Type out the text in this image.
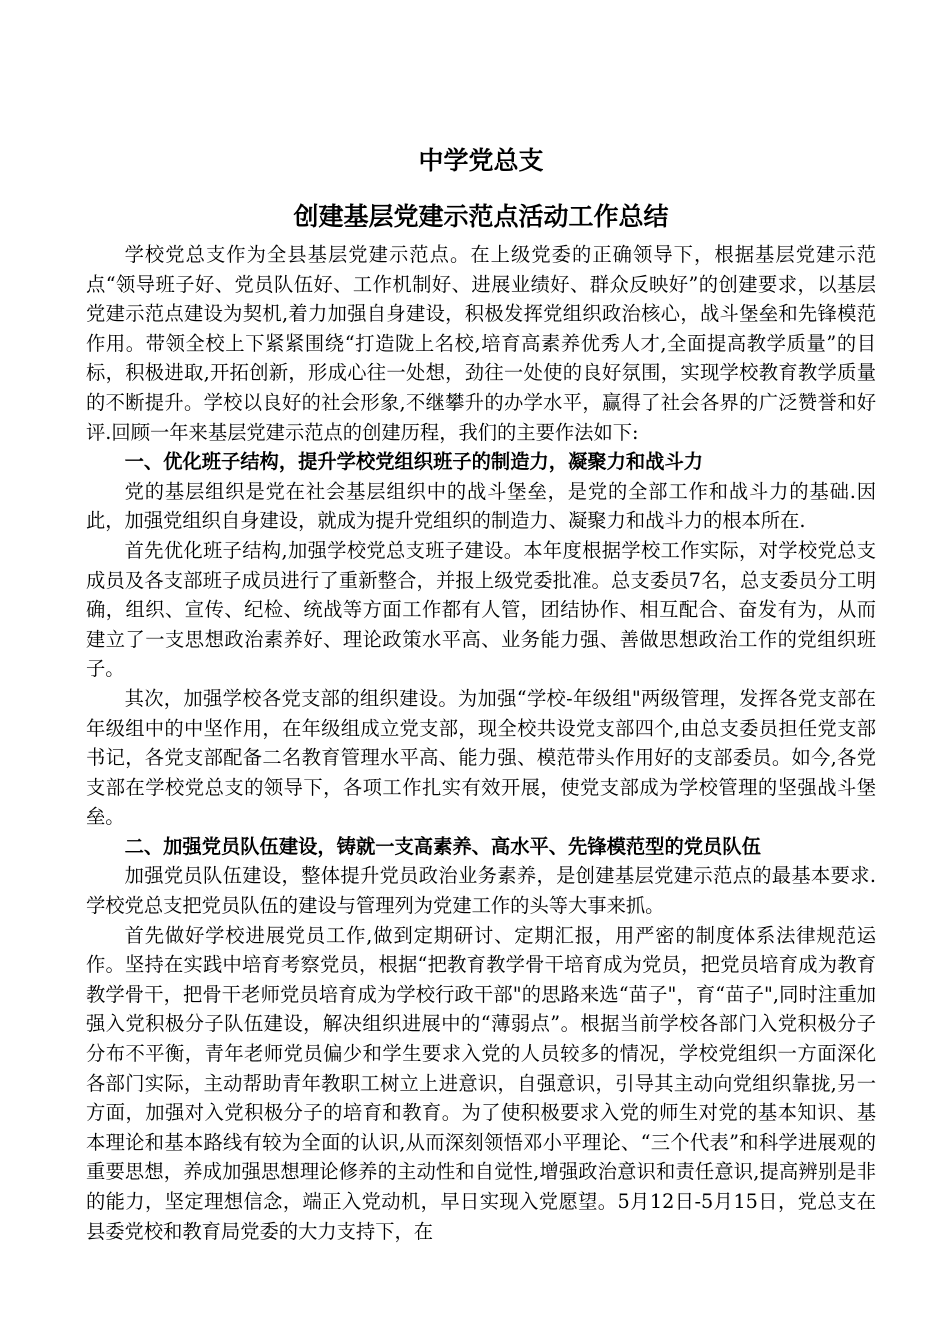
中学党总支
创建基层党建示范点活动工作总结

学校党总支作为全县基层党建示范点。在上级党委的正确领导下，根据基层党建示范点“领导班子好、党员队伍好、工作机制好、进展业绩好、群众反映好”的创建要求，以基层党建示范点建设为契机,着力加强自身建设，积极发挥党组织政治核心，战斗堡垒和先锋模范作用。带领全校上下紧紧围绕“打造陇上名校,培育高素养优秀人才,全面提高教学质量”的目标，积极进取,开拓创新，形成心往一处想，劲往一处使的良好氛围，实现学校教育教学质量的不断提升。学校以良好的社会形象,不继攀升的办学水平，赢得了社会各界的广泛赞誉和好评.回顾一年来基层党建示范点的创建历程，我们的主要作法如下:

一、优化班子结构，提升学校党组织班子的制造力，凝聚力和战斗力

党的基层组织是党在社会基层组织中的战斗堡垒，是党的全部工作和战斗力的基础.因此，加强党组织自身建设，就成为提升党组织的制造力、凝聚力和战斗力的根本所在.

首先优化班子结构,加强学校党总支班子建设。本年度根据学校工作实际，对学校党总支成员及各支部班子成员进行了重新整合，并报上级党委批准。总支委员7名，总支委员分工明确，组织、宣传、纪检、统战等方面工作都有人管，团结协作、相互配合、奋发有为，从而建立了一支思想政治素养好、理论政策水平高、业务能力强、善做思想政治工作的党组织班子。

其次，加强学校各党支部的组织建设。为加强“学校-年级组"两级管理，发挥各党支部在年级组中的中坚作用，在年级组成立党支部，现全校共设党支部四个,由总支委员担任党支部书记，各党支部配备二名教育管理水平高、能力强、模范带头作用好的支部委员。如今,各党支部在学校党总支的领导下，各项工作扎实有效开展，使党支部成为学校管理的坚强战斗堡垒。

二、加强党员队伍建设，铸就一支高素养、高水平、先锋模范型的党员队伍

加强党员队伍建设，整体提升党员政治业务素养，是创建基层党建示范点的最基本要求.学校党总支把党员队伍的建设与管理列为党建工作的头等大事来抓。

首先做好学校进展党员工作,做到定期研讨、定期汇报，用严密的制度体系法律规范运作。坚持在实践中培育考察党员，根据“把教育教学骨干培育成为党员，把党员培育成为教育教学骨干，把骨干老师党员培育成为学校行政干部"的思路来选“苗子"，育“苗子",同时注重加强入党积极分子队伍建设，解决组织进展中的“薄弱点”。根据当前学校各部门入党积极分子分布不平衡，青年老师党员偏少和学生要求入党的人员较多的情况，学校党组织一方面深化各部门实际，主动帮助青年教职工树立上进意识，自强意识，引导其主动向党组织靠拢,另一方面，加强对入党积极分子的培育和教育。为了使积极要求入党的师生对党的基本知识、基本理论和基本路线有较为全面的认识,从而深刻领悟邓小平理论、“三个代表”和科学进展观的重要思想，养成加强思想理论修养的主动性和自觉性,增强政治意识和责任意识,提高辨别是非的能力，坚定理想信念，端正入党动机，早日实现入党愿望。5月12日-5月15日，党总支在县委党校和教育局党委的大力支持下，在
